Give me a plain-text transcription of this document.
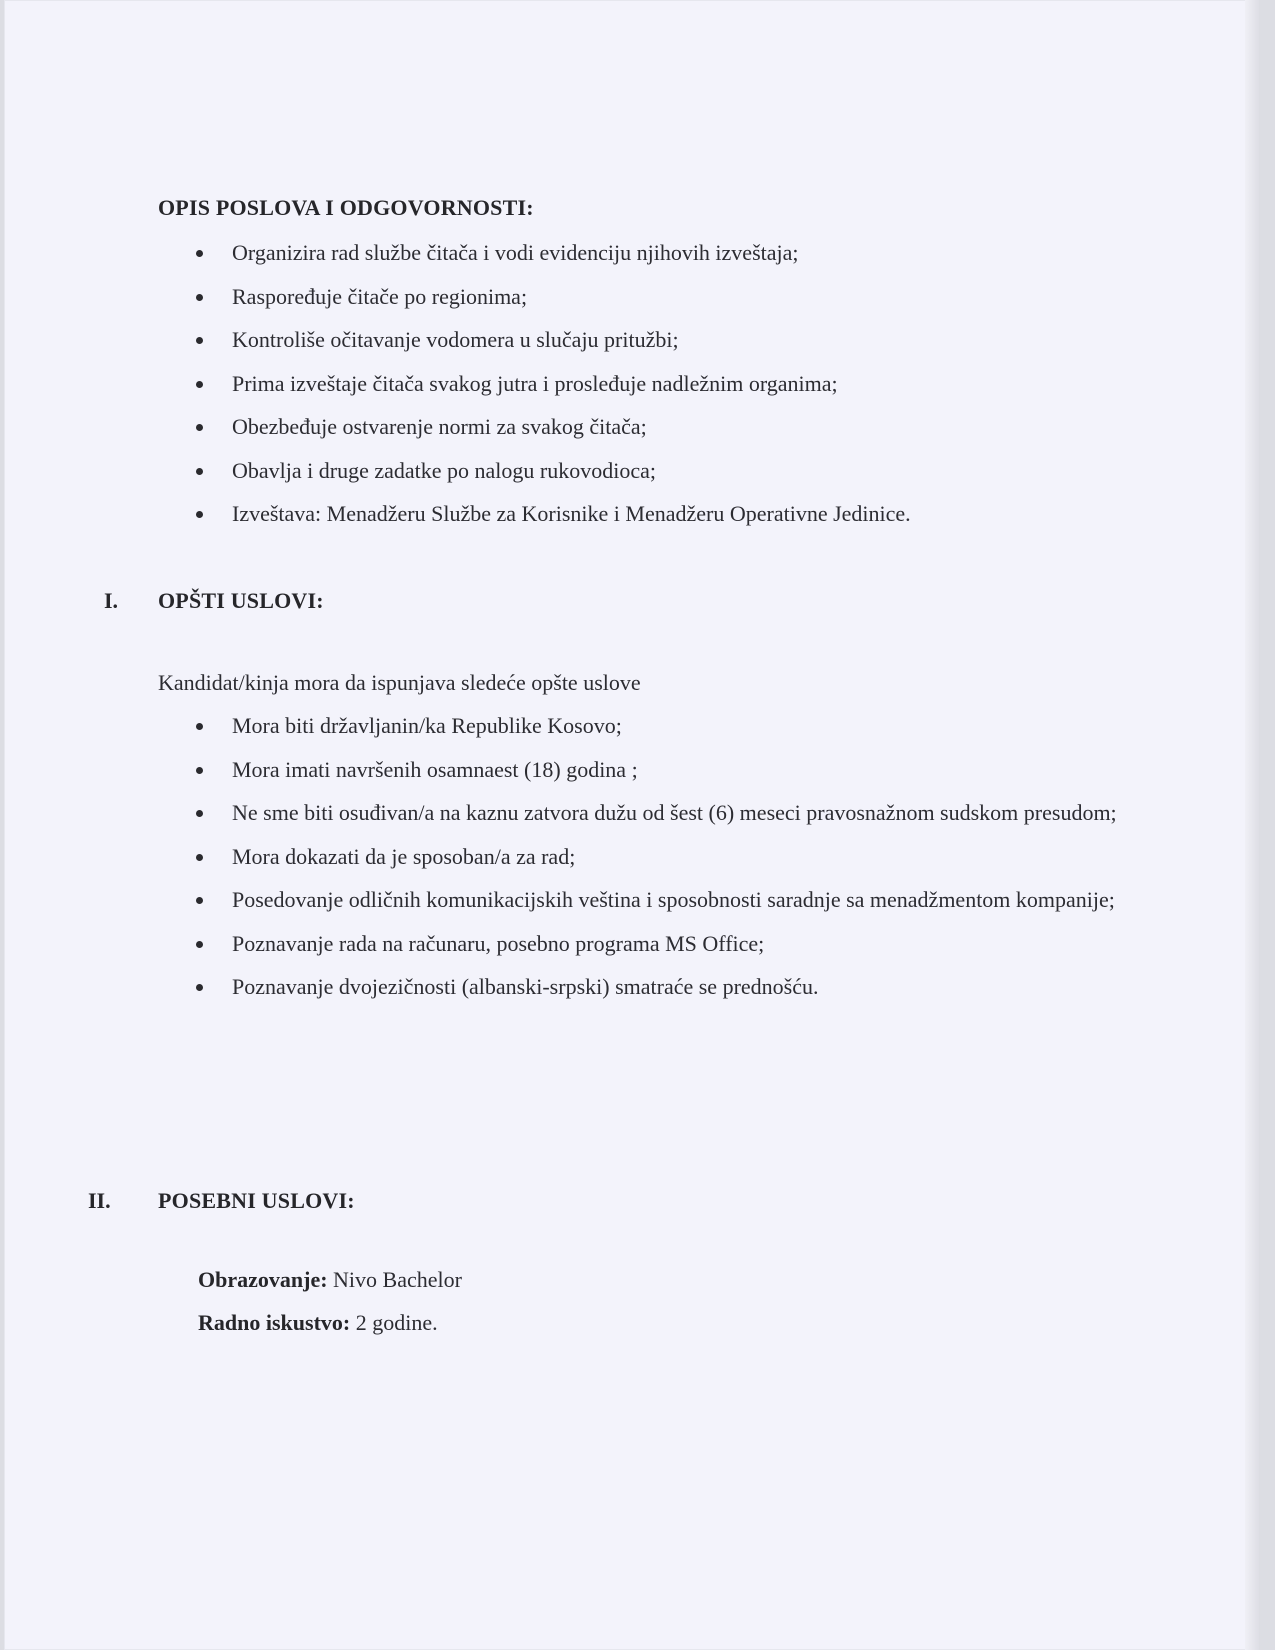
OPIS POSLOVA I ODGOVORNOSTI:
Organizira rad službe čitača i vodi evidenciju njihovih izveštaja;
Raspoređuje čitače po regionima;
Kontroliše očitavanje vodomera u slučaju pritužbi;
Prima izveštaje čitača svakog jutra i prosleđuje nadležnim organima;
Obezbeđuje ostvarenje normi za svakog čitača;
Obavlja i druge zadatke po nalogu rukovodioca;
Izveštava: Menadžeru Službe za Korisnike i Menadžeru Operativne Jedinice.
I. OPŠTI USLOVI:
Kandidat/kinja mora da ispunjava sledeće opšte uslove
Mora biti državljanin/ka Republike Kosovo;
Mora imati navršenih osamnaest (18) godina ;
Ne sme biti osuđivan/a na kaznu zatvora dužu od šest (6) meseci pravosnažnom sudskom presudom;
Mora dokazati da je sposoban/a za rad;
Posedovanje odličnih komunikacijskih veština i sposobnosti saradnje sa menadžmentom kompanije;
Poznavanje rada na računaru, posebno programa MS Office;
Poznavanje dvojezičnosti (albanski-srpski) smatraće se prednošću.
II. POSEBNI USLOVI:
Obrazovanje: Nivo Bachelor
Radno iskustvo: 2 godine.
